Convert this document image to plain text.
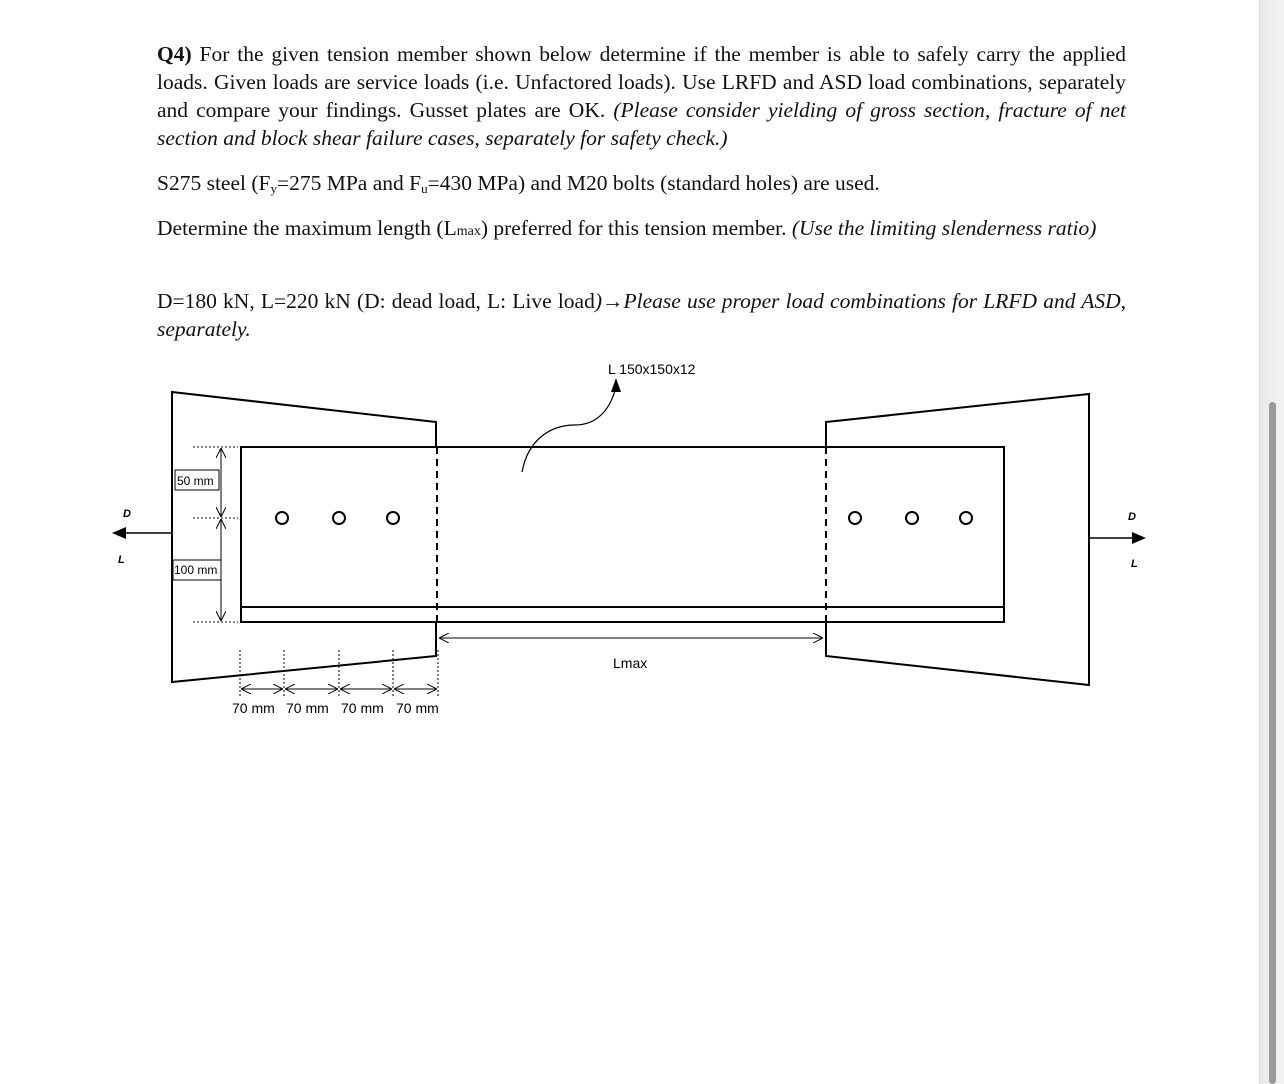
Q4) For the given tension member shown below determine if the member is able to safely carry the applied loads. Given loads are service loads (i.e. Unfactored loads). Use LRFD and ASD load combinations, separately and compare your findings. Gusset plates are OK. (Please consider yielding of gross section, fracture of net section and block shear failure cases, separately for safety check.)
S275 steel ($F_y=275$ MPa and $F_u=430$ MPa) and M20 bolts (standard holes) are used.
Determine the maximum length (Lmax) preferred for this tension member. (Use the limiting slenderness ratio)
D=180 kN, L=220 kN (D: dead load, L: Live load)→Please use proper load combinations for LRFD and ASD, separately.
L 150x150x12
50 mm
100 mm
70 mm 70 mm 70 mm 70 mm
Lmax
D
L
D
L
